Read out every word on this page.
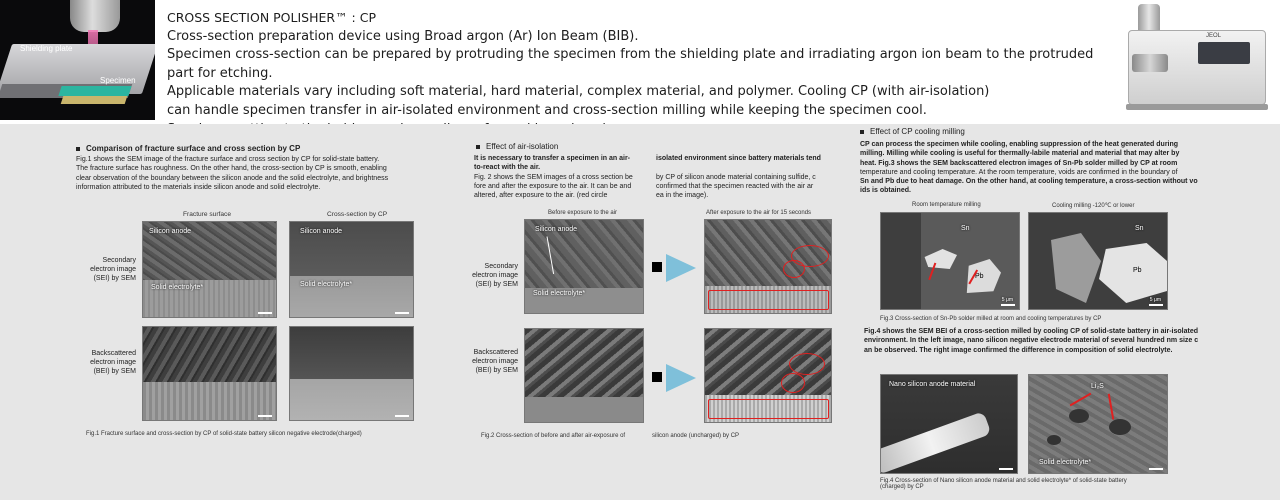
Shielding plate
Specimen
CROSS SECTION POLISHER™ : CP
Cross-section preparation device using Broad argon (Ar) Ion Beam (BIB).
Specimen cross-section can be prepared by protruding the specimen from the shielding plate and irradiating argon ion beam to the protruded part for etching.
Applicable materials vary including soft material, hard material, complex material, and polymer. Cooling CP (with air-isolation)
can handle specimen transfer in air-isolated environment and cross-section milling while keeping the specimen cool.
JEOL
Comparison of fracture surface and cross section by CP
Fig.1 shows the SEM image of the fracture surface and cross section by CP for solid-state battery.
The fracture surface has roughness. On the other hand, the cross-section by CP is smooth, enabling
clear observation of the boundary between the silicon anode and the solid electrolyte, and brightness
information attributed to the materials inside silicon anode and solid electrolyte.
Fracture surface	Cross-section by CP
Secondary
electron image
(SEI) by SEM
Backscattered
electron image
(BEI) by SEM
Silicon anode
Solid electrolyte*
Silicon anode
Solid electrolyte*
Fig.1 Fracture surface and cross-section by CP of solid-state battery silicon negative electrode(charged)
Effect of air-isolation
It is necessary to transfer a specimen in an air-
to-react with the air.
Fig. 2 shows the SEM images of a cross section be
fore and after the exposure to the air. It can be and
altered, after exposure to the air. (red circle
isolated environment since battery materials tend
by CP of silicon anode material containing sulfide, c
confirmed that the specimen reacted with the air ar
ea in the image).
Before exposure to the air	After exposure to the air for 15 seconds
Secondary
electron image
(SEI) by SEM
Backscattered
electron image
(BEI) by SEM
Silicon anode
Solid electrolyte*
Fig.2 Cross-section of before and after air-exposure of	silicon anode (uncharged) by CP
Effect of CP cooling milling
CP can process the specimen while cooling, enabling suppression of the heat generated during
milling. Milling while cooling is useful for thermally-labile material and material that may alter by
heat. Fig.3 shows the SEM backscattered electron images of Sn-Pb solder milled by CP at room
temperature and cooling temperature. At the room temperature, voids are confirmed in the boundary of
Sn and Pb due to heat damage. On the other hand, at cooling temperature, a cross-section without vo
ids is obtained.
Room temperature milling	Cooling milling -120℃ or lower
Sn
Pb
5 μm
Sn
Pb
5 μm
Fig.3 Cross-section of Sn-Pb solder milled at room and cooling temperatures by CP
Fig.4 shows the SEM BEI of a cross-section milled by cooling CP of solid-state battery in air-isolated
environment. In the left image, nano silicon negative electrode material of several hundred nm size c
an be observed. The right image confirmed the difference in composition of solid electrolyte.
Nano silicon anode material	Li₂S
Solid electrolyte*
Fig.4 Cross-section of Nano silicon anode material and solid electrolyte* of solid-state battery
(charged) by CP
